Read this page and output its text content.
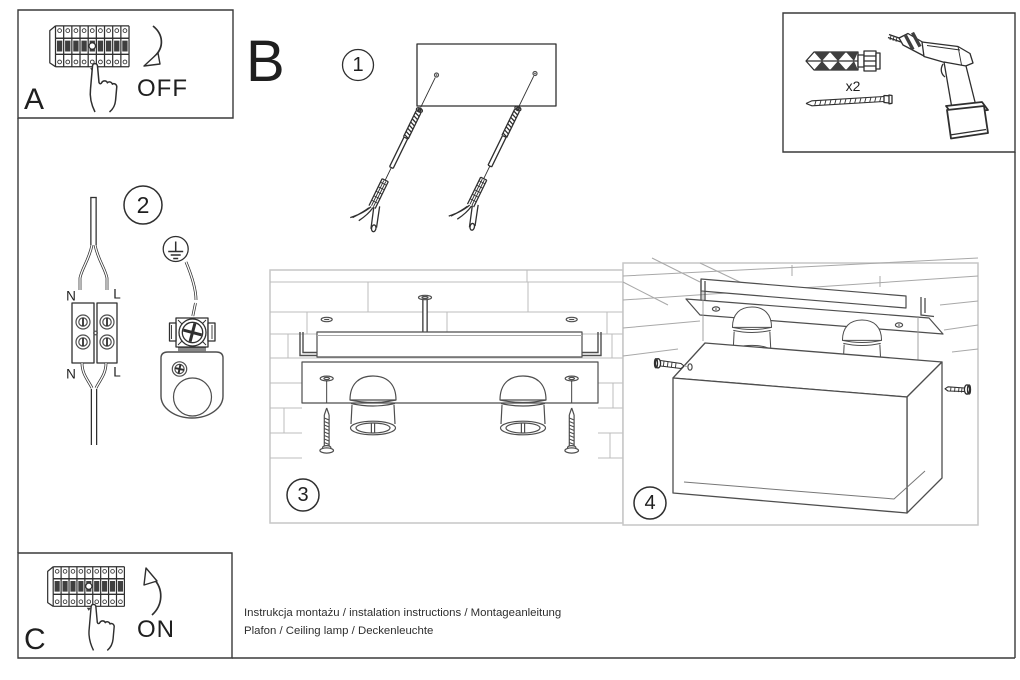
A	OFF
C	ON
B	1
x2
2
N	L
N	L
3	4
Instrukcja montażu / instalation instructions / Montageanleitung
Plafon / Ceiling lamp / Deckenleuchte
